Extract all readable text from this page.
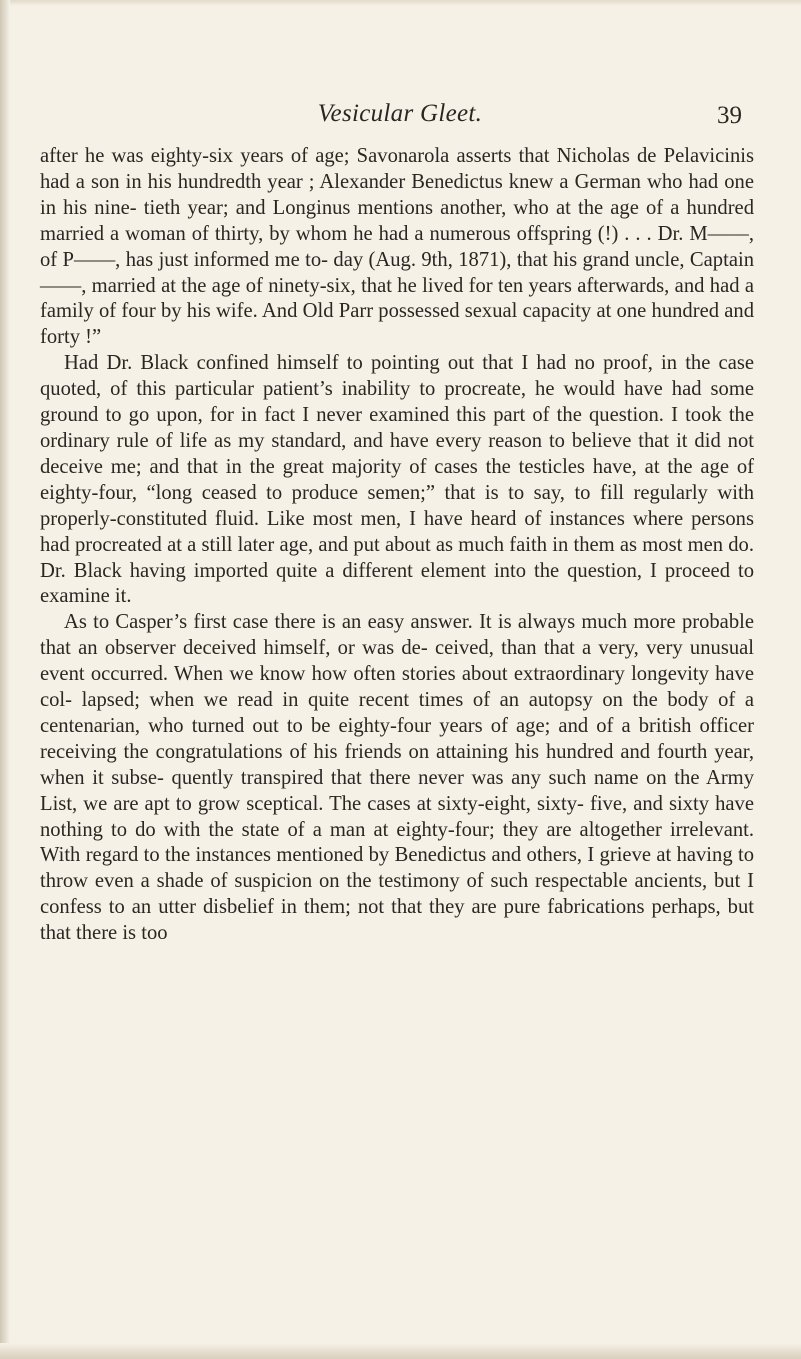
Vesicular Gleet.	39

after he was eighty-six years of age; Savonarola asserts that Nicholas de Pelavicinis had a son in his hundredth year ; Alexander Benedictus knew a German who had one in his nine- tieth year; and Longinus mentions another, who at the age of a hundred married a woman of thirty, by whom he had a numerous offspring (!) . . . Dr. M——, of P——, has just informed me to- day (Aug. 9th, 1871), that his grand uncle, Captain ——, married at the age of ninety-six, that he lived for ten years afterwards, and had a family of four by his wife. And Old Parr possessed sexual capacity at one hundred and forty !”

Had Dr. Black confined himself to pointing out that I had no proof, in the case quoted, of this particular patient’s inability to procreate, he would have had some ground to go upon, for in fact I never examined this part of the question. I took the ordinary rule of life as my standard, and have every reason to believe that it did not deceive me; and that in the great majority of cases the testicles have, at the age of eighty-four, “long ceased to produce semen;” that is to say, to fill regularly with properly-constituted fluid. Like most men, I have heard of instances where persons had procreated at a still later age, and put about as much faith in them as most men do. Dr. Black having imported quite a different element into the question, I proceed to examine it.

As to Casper’s first case there is an easy answer. It is always much more probable that an observer deceived himself, or was de- ceived, than that a very, very unusual event occurred. When we know how often stories about extraordinary longevity have col- lapsed; when we read in quite recent times of an autopsy on the body of a centenarian, who turned out to be eighty-four years of age; and of a british officer receiving the congratulations of his friends on attaining his hundred and fourth year, when it subse- quently transpired that there never was any such name on the Army List, we are apt to grow sceptical. The cases at sixty-eight, sixty- five, and sixty have nothing to do with the state of a man at eighty-four; they are altogether irrelevant. With regard to the instances mentioned by Benedictus and others, I grieve at having to throw even a shade of suspicion on the testimony of such respectable ancients, but I confess to an utter disbelief in them; not that they are pure fabrications perhaps, but that there is too
